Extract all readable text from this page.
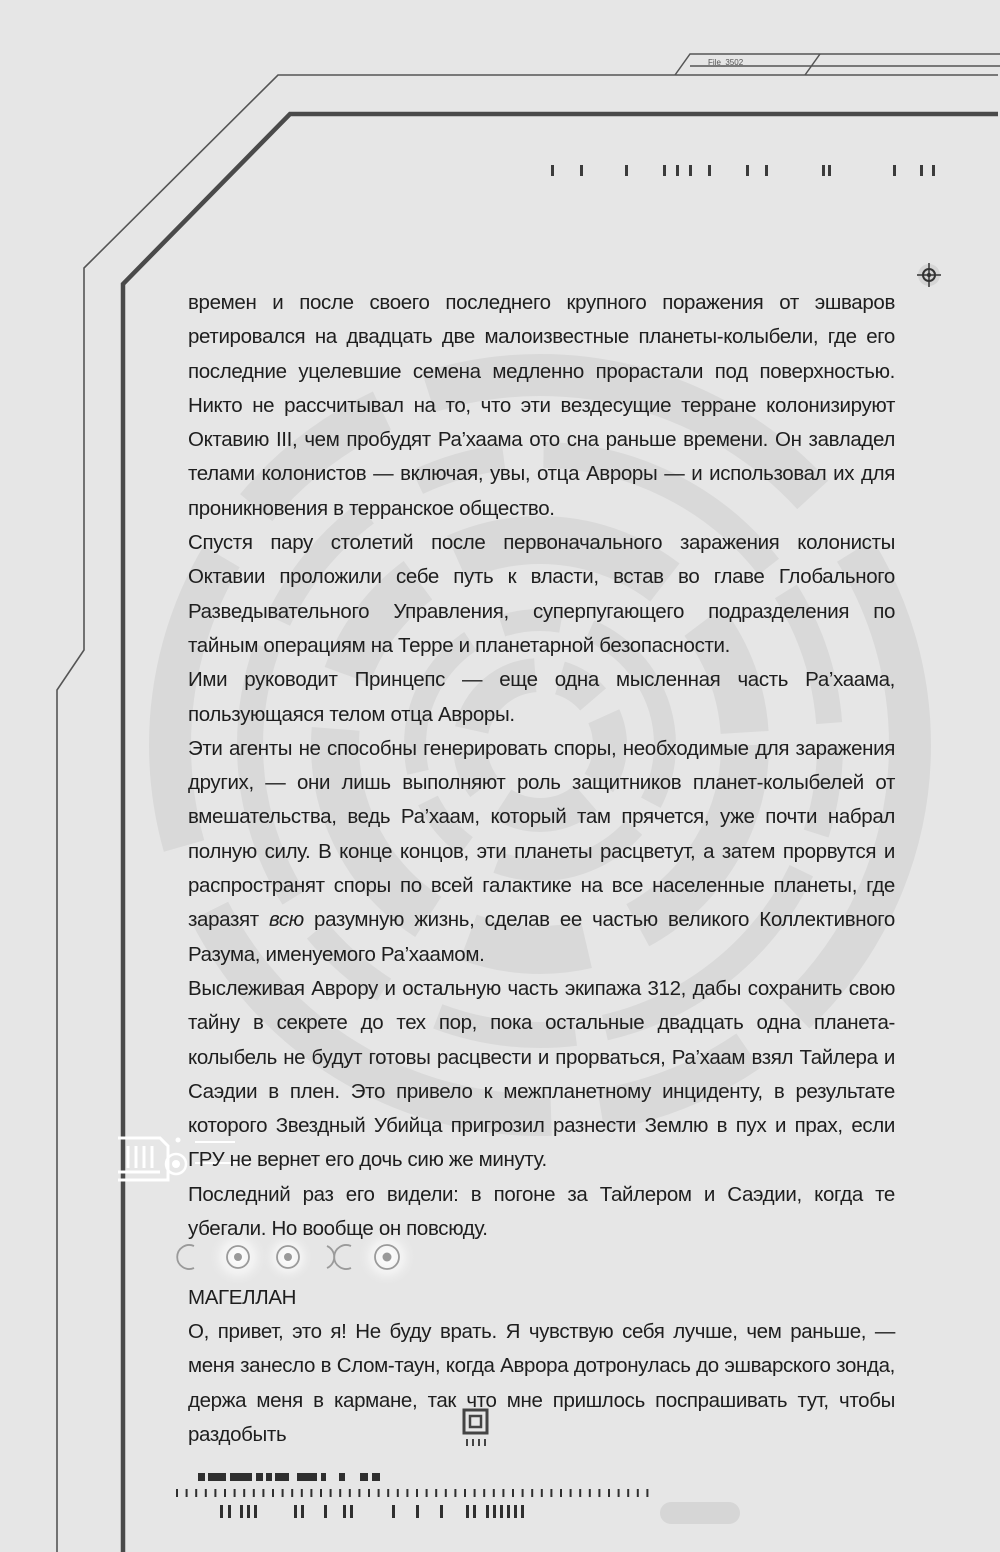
File_3502

времен и после своего последнего крупного поражения от эшваров ретировался на двадцать две малоизвестные планеты-колыбели, где его последние уцелевшие семена медленно прорастали под поверхностью. Никто не рассчитывал на то, что эти вездесущие терране колонизируют Октавию III, чем пробудят Ра’хаама ото сна раньше времени. Он завладел телами колонистов — включая, увы, отца Авроры — и использовал их для проникновения в терранское общество.

Спустя пару столетий после первоначального заражения колонисты Октавии проложили себе путь к власти, встав во главе Глобального Разведывательного Управления, суперпугающего подразделения по тайным операциям на Терре и планетарной безопасности.

Ими руководит Принцепс — еще одна мысленная часть Ра’хаама, пользующаяся телом отца Авроры.

Эти агенты не способны генерировать споры, необходимые для заражения других, — они лишь выполняют роль защитников планет-колыбелей от вмешательства, ведь Ра’хаам, который там прячется, уже почти набрал полную силу. В конце концов, эти планеты расцветут, а затем прорвутся и распространят споры по всей галактике на все населенные планеты, где заразят всю разумную жизнь, сделав ее частью великого Коллективного Разума, именуемого Ра’хаамом.

Выслеживая Аврору и остальную часть экипажа 312, дабы сохранить свою тайну в секрете до тех пор, пока остальные двадцать одна планета-колыбель не будут готовы расцвести и прорваться, Ра’хаам взял Тайлера и Саэдии в плен. Это привело к межпланетному инциденту, в результате которого Звездный Убийца пригрозил разнести Землю в пух и прах, если ГРУ не вернет его дочь сию же минуту.

Последний раз его видели: в погоне за Тайлером и Саэдии, когда те убегали. Но вообще он повсюду.

МАГЕЛЛАН

О, привет, это я! Не буду врать. Я чувствую себя лучше, чем раньше, — меня занесло в Слом-таун, когда Аврора дотронулась до эшварского зонда, держа меня в кармане, так что мне пришлось поспрашивать тут, чтобы раздобыть
